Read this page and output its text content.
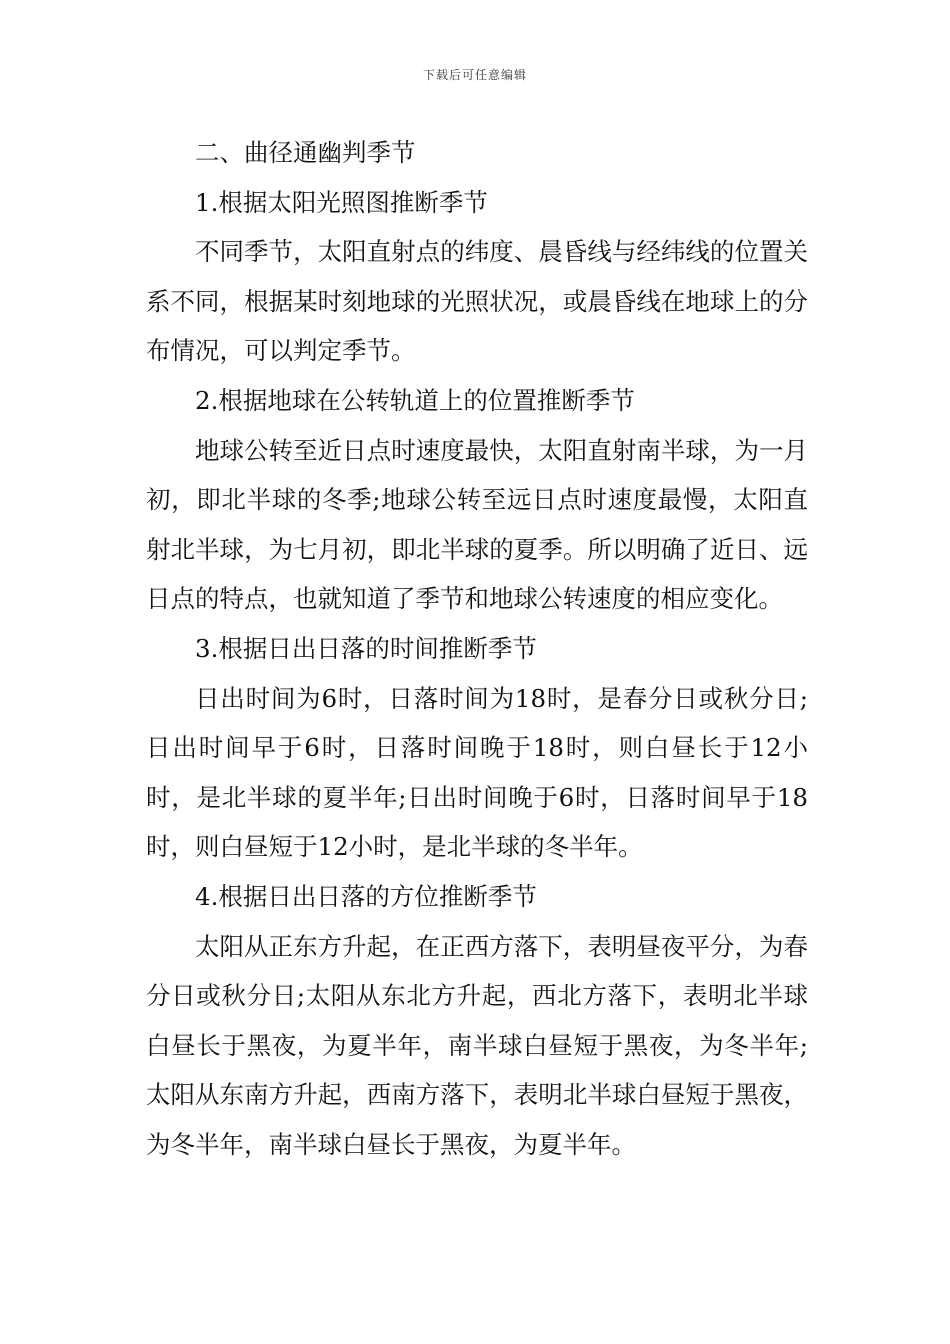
下载后可任意编辑

二、曲径通幽判季节

1.根据太阳光照图推断季节

不同季节，太阳直射点的纬度、晨昏线与经纬线的位置关系不同，根据某时刻地球的光照状况，或晨昏线在地球上的分布情况，可以判定季节。

2.根据地球在公转轨道上的位置推断季节

地球公转至近日点时速度最快，太阳直射南半球，为一月初，即北半球的冬季;地球公转至远日点时速度最慢，太阳直射北半球，为七月初，即北半球的夏季。所以明确了近日、远日点的特点，也就知道了季节和地球公转速度的相应变化。

3.根据日出日落的时间推断季节

日出时间为6时，日落时间为18时，是春分日或秋分日;日出时间早于6时，日落时间晚于18时，则白昼长于12小时，是北半球的夏半年;日出时间晚于6时，日落时间早于18时，则白昼短于12小时，是北半球的冬半年。

4.根据日出日落的方位推断季节

太阳从正东方升起，在正西方落下，表明昼夜平分，为春分日或秋分日;太阳从东北方升起，西北方落下，表明北半球白昼长于黑夜，为夏半年，南半球白昼短于黑夜，为冬半年;太阳从东南方升起，西南方落下，表明北半球白昼短于黑夜，为冬半年，南半球白昼长于黑夜，为夏半年。
